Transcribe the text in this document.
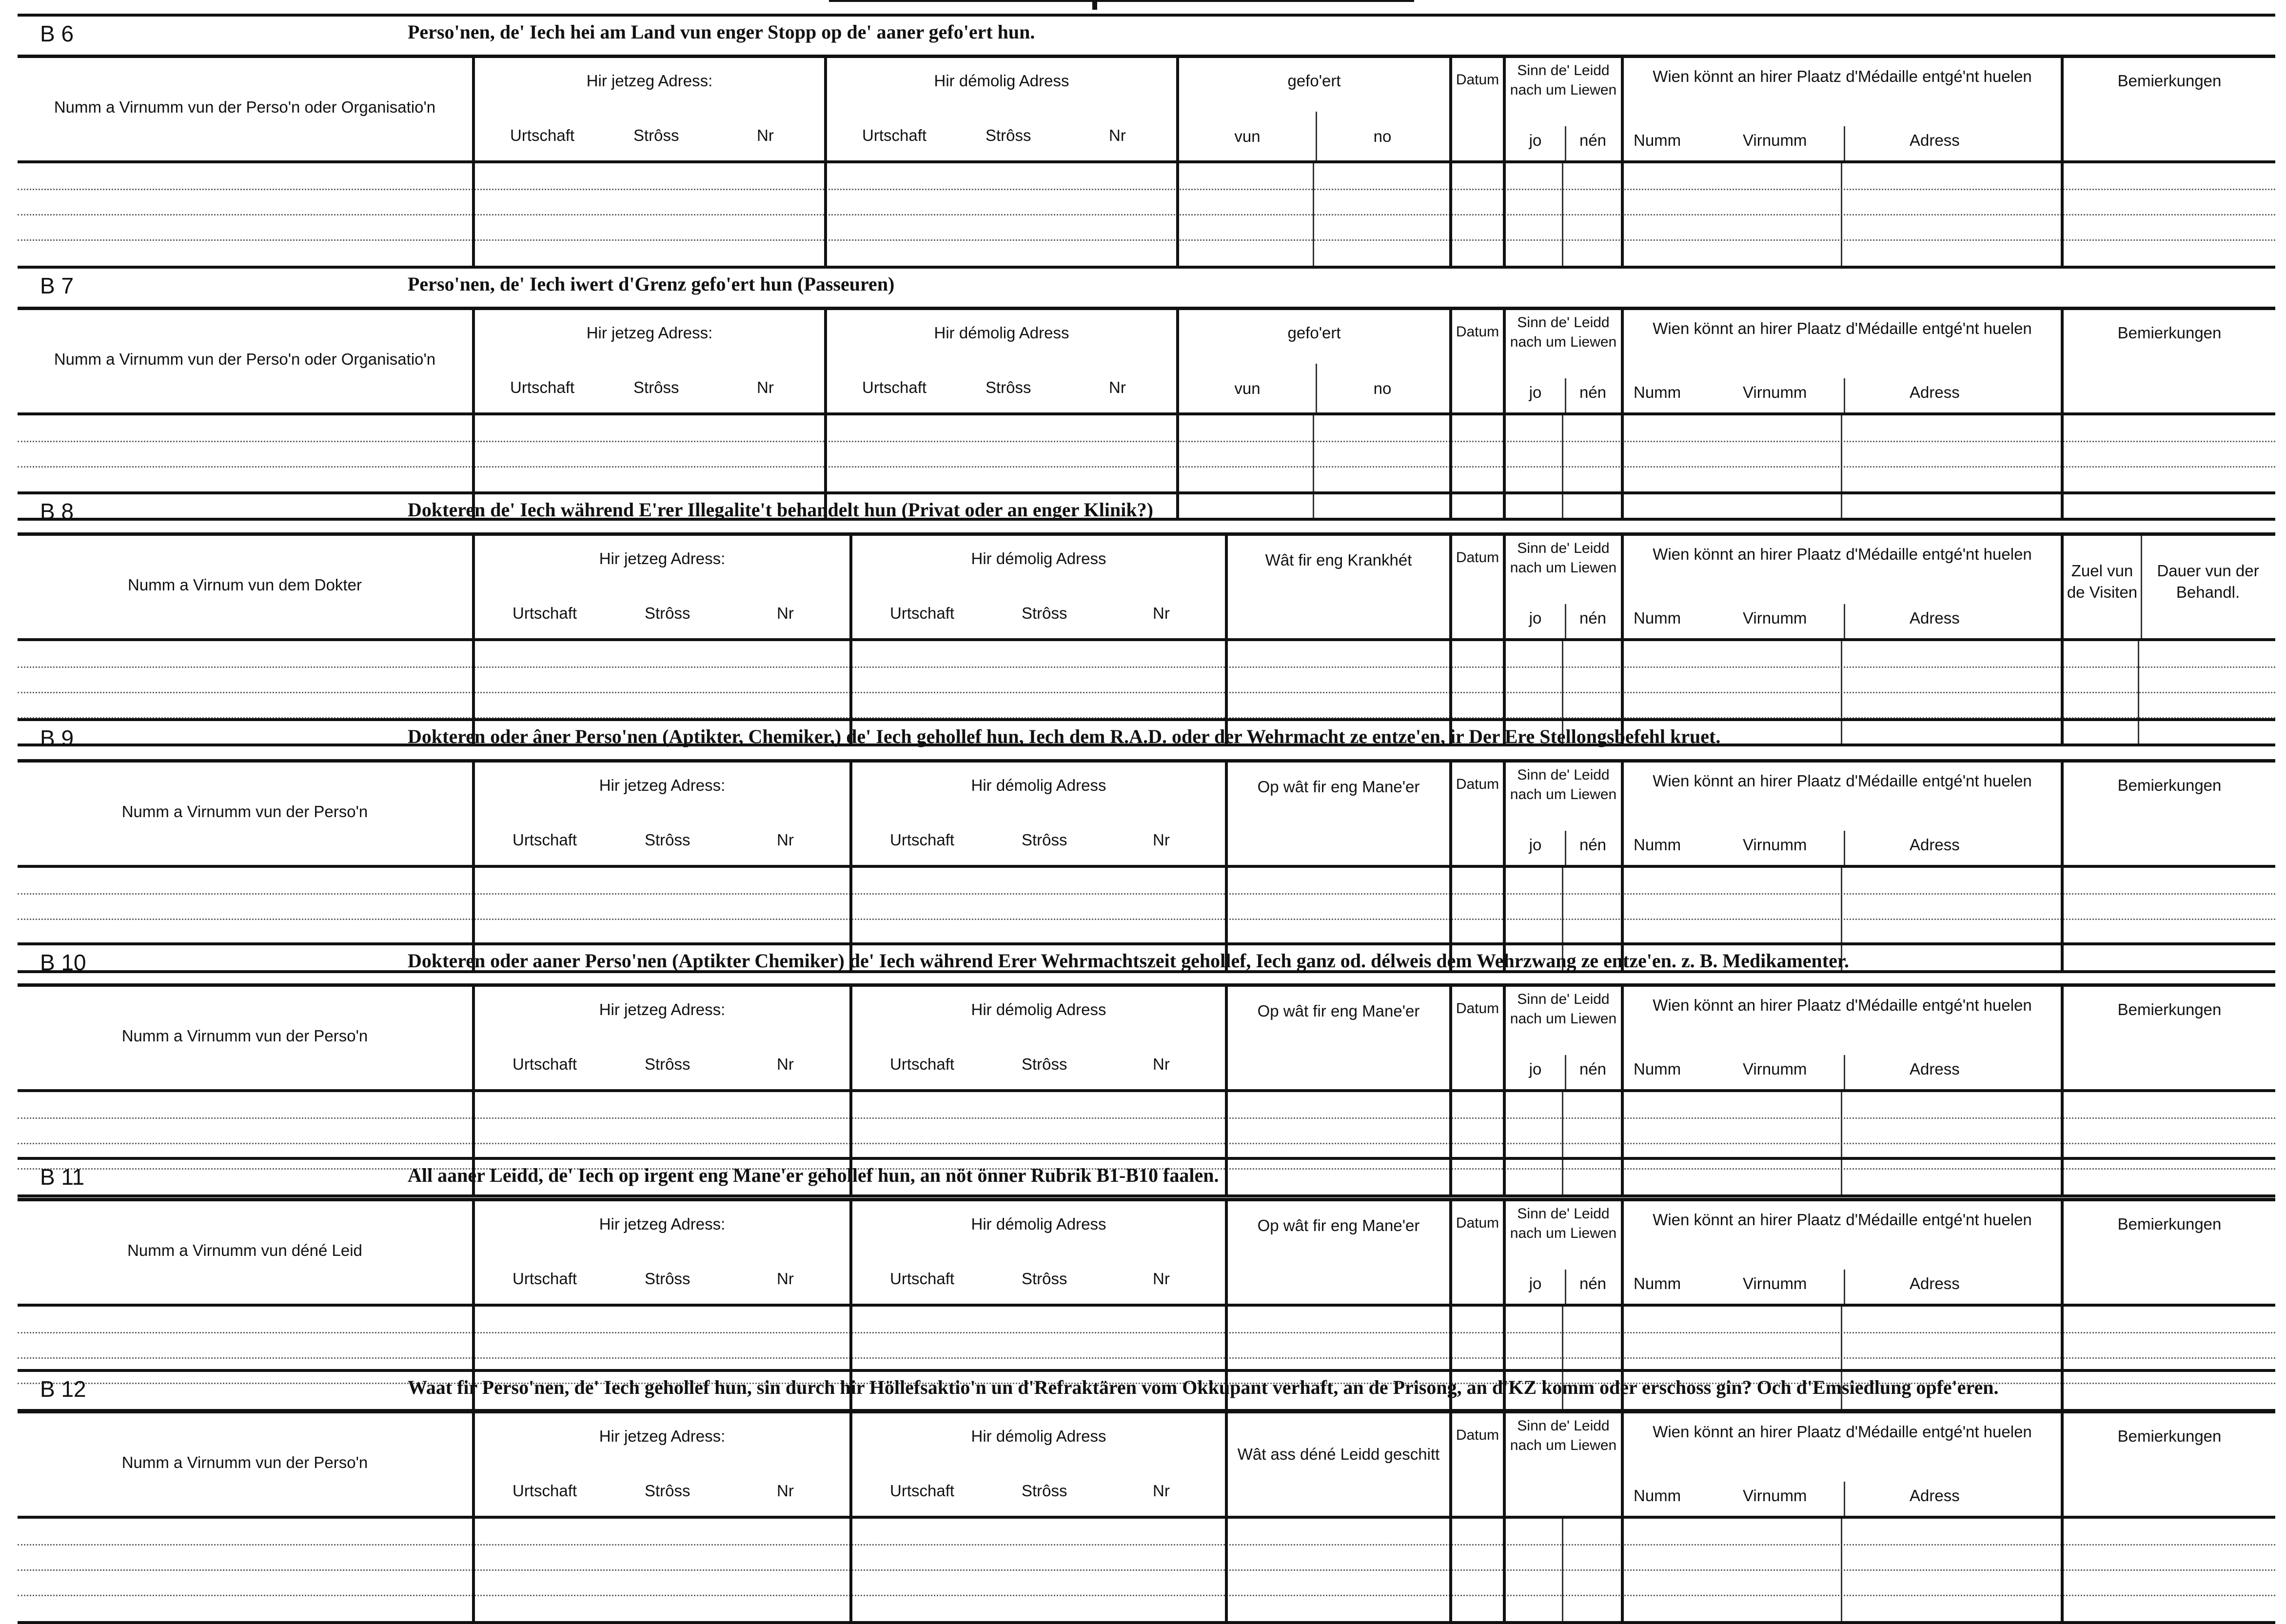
B 6	Perso'nen, de' Iech hei am Land vun enger Stopp op de' aaner gefo'ert hun.
Numm a Virnumm vun der Perso'n oder Organisatio'n
Hir jetzeg Adress:
Urtschaft	Strôss	Nr
Hir démolig Adress
Urtschaft	Strôss	Nr
gefo'ert
vun	no
Datum
Sinn de' Leidd nach um Liewen
jo	nén
Wien könnt an hirer Plaatz d'Médaille entgé'nt huelen
Numm	Virnumm	Adress
Bemierkungen
B 7	Perso'nen, de' Iech iwert d'Grenz gefo'ert hun (Passeuren)
Numm a Virnumm vun der Perso'n oder Organisatio'n
Hir jetzeg Adress:
Urtschaft	Strôss	Nr
Hir démolig Adress
Urtschaft	Strôss	Nr
gefo'ert
vun	no
Datum
Sinn de' Leidd nach um Liewen
jo	nén
Wien könnt an hirer Plaatz d'Médaille entgé'nt huelen
Numm	Virnumm	Adress
Bemierkungen
B 8	Dokteren de' Iech während E'rer Illegalite't behandelt hun (Privat oder an enger Klinik?)
Numm a Virnum vun dem Dokter
Hir jetzeg Adress:
Urtschaft	Strôss	Nr
Hir démolig Adress
Urtschaft	Strôss	Nr
Wât fir eng Krankhét	Datum
Sinn de' Leidd nach um Liewen
jo	nén
Wien könnt an hirer Plaatz d'Médaille entgé'nt huelen
Numm	Virnumm	Adress
Zuel vun de Visiten
Dauer vun der Behandl.
B 9	Dokteren oder âner Perso'nen (Aptikter, Chemiker,) de' Iech gehollef hun, Iech dem R.A.D. oder der Wehrmacht ze entze'en, ir Der Ere Stellongsbefehl kruet.
Numm a Virnumm vun der Perso'n
Hir jetzeg Adress:
Urtschaft	Strôss	Nr
Hir démolig Adress
Urtschaft	Strôss	Nr
Op wât fir eng Mane'er	Datum
Sinn de' Leidd nach um Liewen
jo	nén
Wien könnt an hirer Plaatz d'Médaille entgé'nt huelen
Numm	Virnumm	Adress
Bemierkungen
B 10	Dokteren oder aaner Perso'nen (Aptikter Chemiker) de' Iech während Erer Wehrmachtszeit gehollef, Iech ganz od. délweis dem Wehrzwang ze entze'en. z. B. Medikamenter.
Numm a Virnumm vun der Perso'n
Hir jetzeg Adress:
Urtschaft	Strôss	Nr
Hir démolig Adress
Urtschaft	Strôss	Nr
Op wât fir eng Mane'er	Datum
Sinn de' Leidd nach um Liewen
jo	nén
Wien könnt an hirer Plaatz d'Médaille entgé'nt huelen
Numm	Virnumm	Adress
Bemierkungen
B 11	All aaner Leidd, de' Iech op irgent eng Mane'er gehollef hun, an nöt önner Rubrik B1-B10 faalen.
Numm a Virnumm vun déné Leid
Hir jetzeg Adress:
Urtschaft	Strôss	Nr
Hir démolig Adress
Urtschaft	Strôss	Nr
Op wât fir eng Mane'er	Datum
Sinn de' Leidd nach um Liewen
jo	nén
Wien könnt an hirer Plaatz d'Médaille entgé'nt huelen
Numm	Virnumm	Adress
Bemierkungen
B 12	Waat fir Perso'nen, de' Iech gehollef hun, sin durch hir Höllefsaktio'n un d'Refraktären vom Okkupant verhaft, an de Prisong, an d'KZ komm oder erschoss gin? Och d'Emsiedlung opfe'eren.
Numm a Virnumm vun der Perso'n
Hir jetzeg Adress:
Urtschaft	Strôss	Nr
Hir démolig Adress
Urtschaft	Strôss	Nr
Wât ass déné Leidd geschitt
Datum
Sinn de' Leidd nach um Liewen
Wien könnt an hirer Plaatz d'Médaille entgé'nt huelen
Numm	Virnumm	Adress
Bemierkungen
